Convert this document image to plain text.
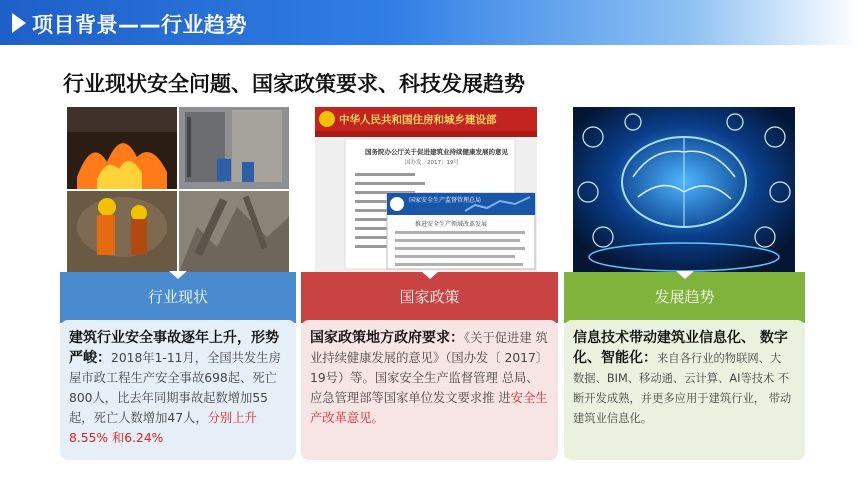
项目背景——行业趋势
行业现状安全问题、国家政策要求、科技发展趋势
中华人民共和国住房和城乡建设部
国务院办公厅关于促进建筑业持续健康发展的意见
国办发〔2017〕19号
国家安全生产监督管理总局
推进安全生产领域改革发展
行业现状
建筑行业安全事故逐年上升，形势 严峻：2018年1-11月，全国共发生房 屋市政工程生产安全事故698起、死亡 800人，比去年同期事故起数增加55起，死亡人数增加47人，分别上升8.55% 和6.24%
国家政策
国家政策地方政府要求：《关于促进建 筑业持续健康发展的意见》（国办发〔 2017〕19号）等。国家安全生产监督管理 总局、应急管理部等国家单位发文要求推 进安全生产改革意见。
发展趋势
信息技术带动建筑业信息化、 数字 化、智能化：来自各行业的物联网、大 数据、BIM、移动通、云计算、AI等技术 不断开发成熟，并更多应用于建筑行业， 带动建筑业信息化。
